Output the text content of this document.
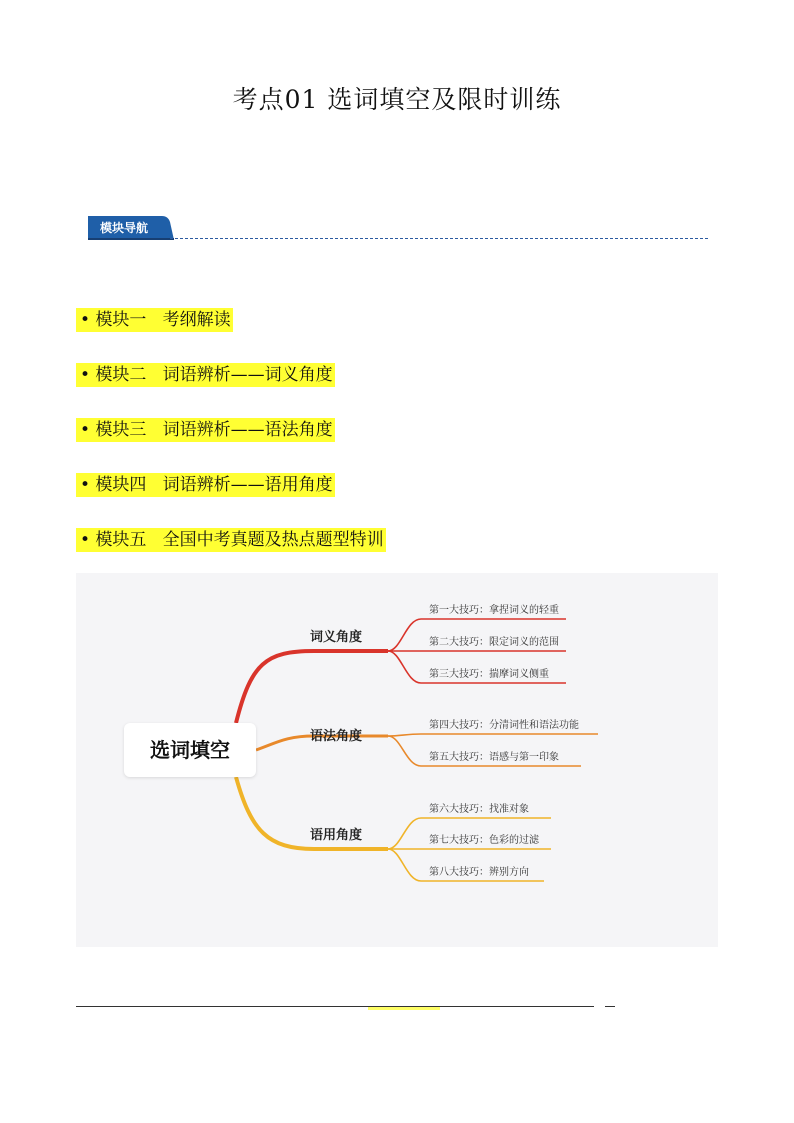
考点01 选词填空及限时训练
模块导航
• 模块一   考纲解读
• 模块二   词语辨析——词义角度
• 模块三   词语辨析——语法角度
• 模块四   词语辨析——语用角度
• 模块五   全国中考真题及热点题型特训
选词填空
词义角度
语法角度
语用角度
第一大技巧：拿捏词义的轻重
第二大技巧：限定词义的范围
第三大技巧：揣摩词义侧重
第四大技巧：分清词性和语法功能
第五大技巧：语感与第一印象
第六大技巧：找准对象
第七大技巧：色彩的过滤
第八大技巧：辨别方向
